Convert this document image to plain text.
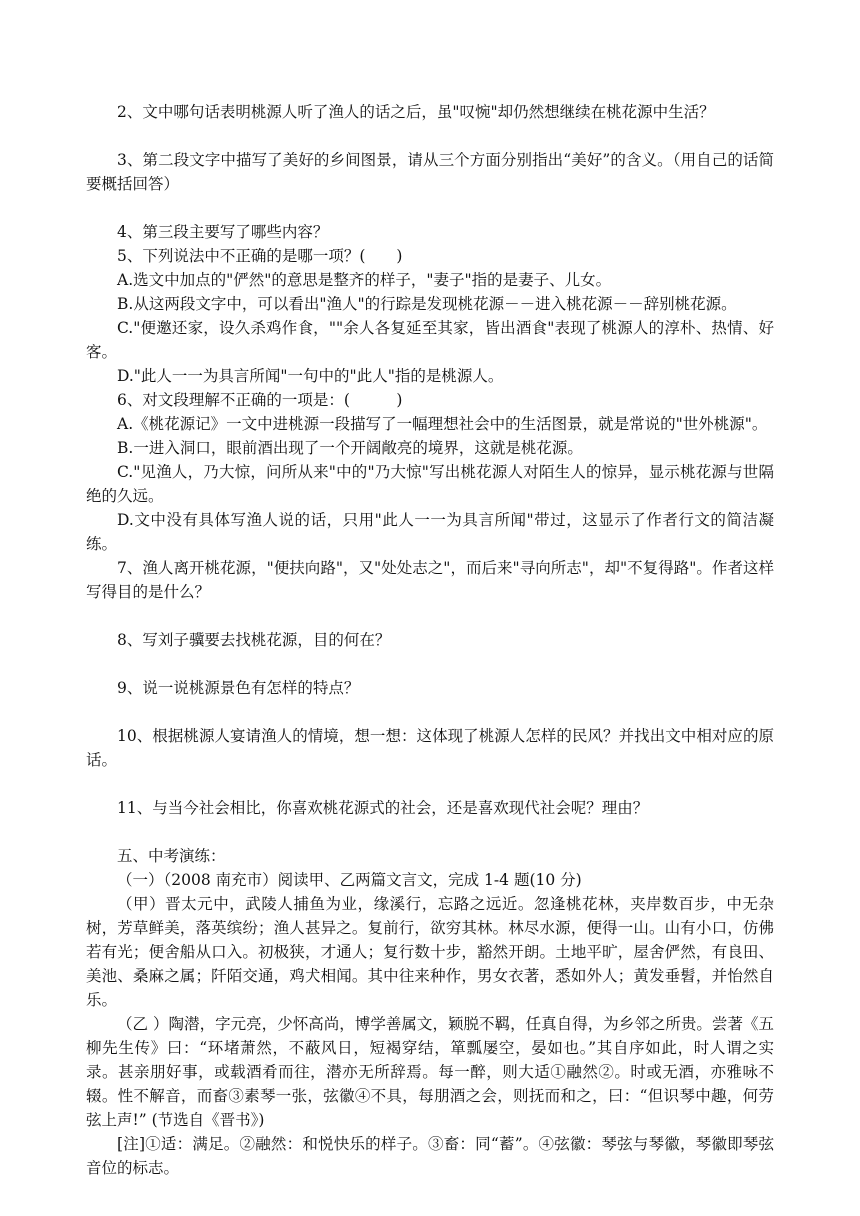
2、文中哪句话表明桃源人听了渔人的话之后，虽"叹惋"却仍然想继续在桃花源中生活？

3、第二段文字中描写了美好的乡间图景，请从三个方面分别指出“美好”的含义。（用自己的话简要概括回答）

4、第三段主要写了哪些内容？

5、下列说法中不正确的是哪一项？(　　)

A.选文中加点的"俨然"的意思是整齐的样子，"妻子"指的是妻子、儿女。

B.从这两段文字中，可以看出"渔人"的行踪是发现桃花源－－进入桃花源－－辞别桃花源。

C."便邀还家，设久杀鸡作食，""余人各复延至其家，皆出酒食"表现了桃源人的淳朴、热情、好客。

D."此人一一为具言所闻"一句中的"此人"指的是桃源人。

6、对文段理解不正确的一项是：(　　　)

A.《桃花源记》一文中进桃源一段描写了一幅理想社会中的生活图景，就是常说的"世外桃源"。

B.一进入洞口，眼前酒出现了一个开阔敞亮的境界，这就是桃花源。

C."见渔人，乃大惊，问所从来"中的"乃大惊"写出桃花源人对陌生人的惊异，显示桃花源与世隔绝的久远。

D.文中没有具体写渔人说的话，只用"此人一一为具言所闻"带过，这显示了作者行文的简洁凝练。

7、渔人离开桃花源，"便扶向路"，又"处处志之"，而后来"寻向所志"，却"不复得路"。作者这样写得目的是什么？

8、写刘子骥要去找桃花源，目的何在？

9、说一说桃源景色有怎样的特点？

10、根据桃源人宴请渔人的情境，想一想：这体现了桃源人怎样的民风？并找出文中相对应的原话。

11、与当今社会相比，你喜欢桃花源式的社会，还是喜欢现代社会呢？理由？

五、中考演练：

（一）（2008 南充市）阅读甲、乙两篇文言文，完成 1-4 题(10 分)

（甲）晋太元中，武陵人捕鱼为业，缘溪行，忘路之远近。忽逢桃花林，夹岸数百步，中无杂树，芳草鲜美，落英缤纷；渔人甚异之。复前行，欲穷其林。林尽水源，便得一山。山有小口，仿佛若有光；便舍船从口入。初极狭，才通人；复行数十步，豁然开朗。土地平旷，屋舍俨然，有良田、美池、桑麻之属；阡陌交通，鸡犬相闻。其中往来种作，男女衣著，悉如外人；黄发垂髫，并怡然自乐。

（乙 ）陶潜，字元亮，少怀高尚，博学善属文，颖脱不羁，任真自得，为乡邻之所贵。尝著《五柳先生传》曰：“环堵萧然，不蔽风日，短褐穿结，箪瓢屡空，晏如也。”其自序如此，时人谓之实录。甚亲朋好事，或载酒肴而往，潜亦无所辞焉。每一醉，则大适①融然②。时或无酒，亦雅咏不辍。性不解音，而畜③素琴一张，弦徽④不具，每朋酒之会，则抚而和之，曰：“但识琴中趣，何劳弦上声!” (节选自《晋书》)

[注]①适：满足。②融然：和悦快乐的样子。③畜：同“蓄”。④弦徽：琴弦与琴徽，琴徽即琴弦音位的标志。
